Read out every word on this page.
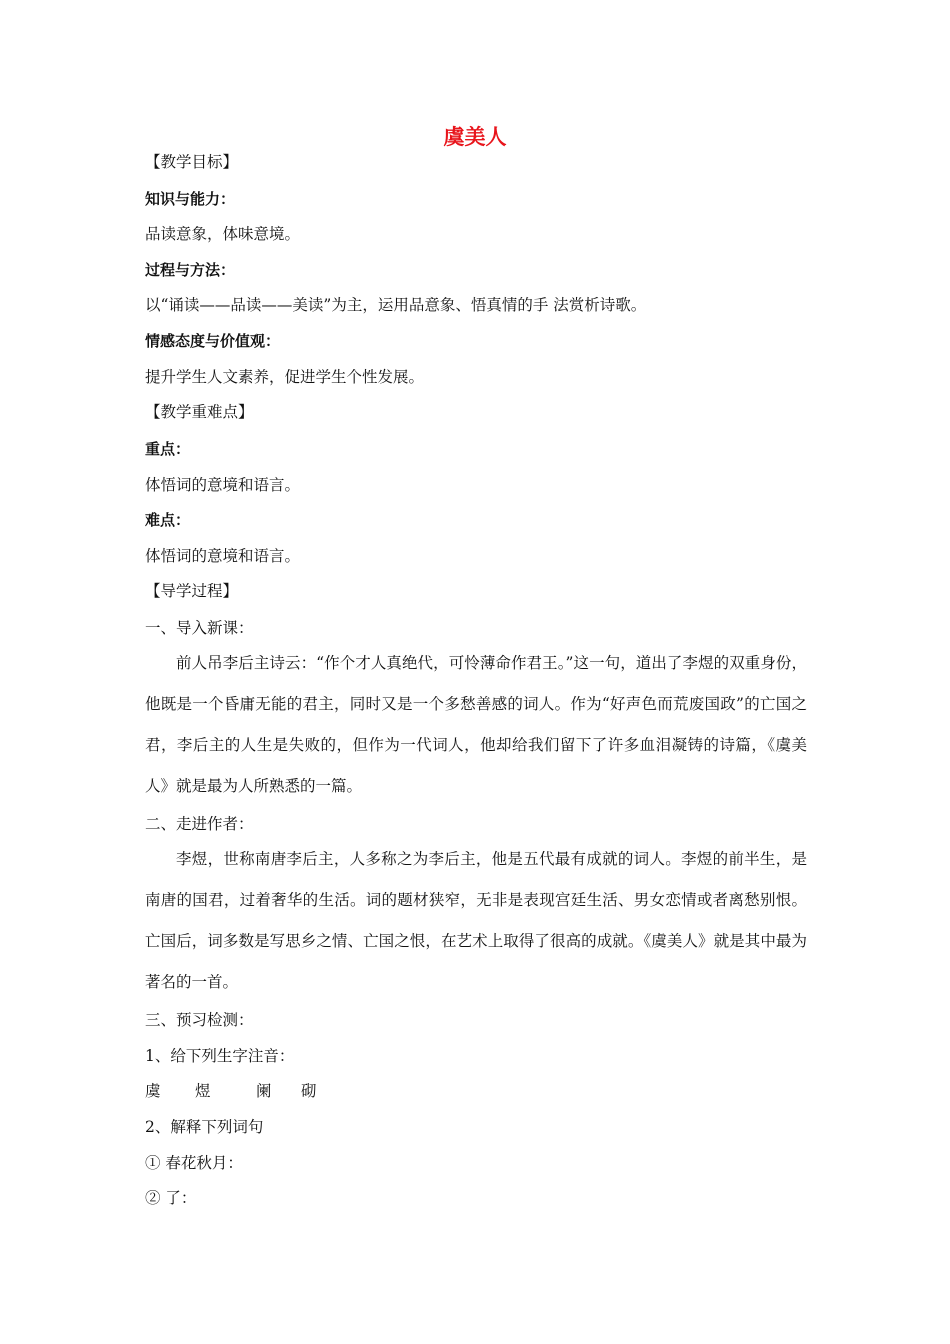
虞美人
【教学目标】
知识与能力：
品读意象，体味意境。
过程与方法：
以“诵读——品读——美读”为主，运用品意象、悟真情的手 法赏析诗歌。
情感态度与价值观：
提升学生人文素养，促进学生个性发展。
【教学重难点】
重点：
体悟词的意境和语言。
难点：
体悟词的意境和语言。
【导学过程】
一、导入新课：
前人吊李后主诗云：“作个才人真绝代，可怜薄命作君王。”这一句，道出了李煜的双重身份，他既是一个昏庸无能的君主，同时又是一个多愁善感的词人。作为“好声色而荒废国政”的亡国之君，李后主的人生是失败的，但作为一代词人，他却给我们留下了许多血泪凝铸的诗篇，《虞美人》就是最为人所熟悉的一篇。
二、走进作者：
李煜，世称南唐李后主，人多称之为李后主，他是五代最有成就的词人。李煜的前半生，是南唐的国君，过着奢华的生活。词的题材狭窄，无非是表现宫廷生活、男女恋情或者离愁别恨。亡国后，词多数是写思乡之情、亡国之恨，在艺术上取得了很高的成就。《虞美人》就是其中最为著名的一首。
三、预习检测：
1、给下列生字注音：
虞 煜	阑 砌
2、解释下列词句
① 春花秋月：
② 了：
